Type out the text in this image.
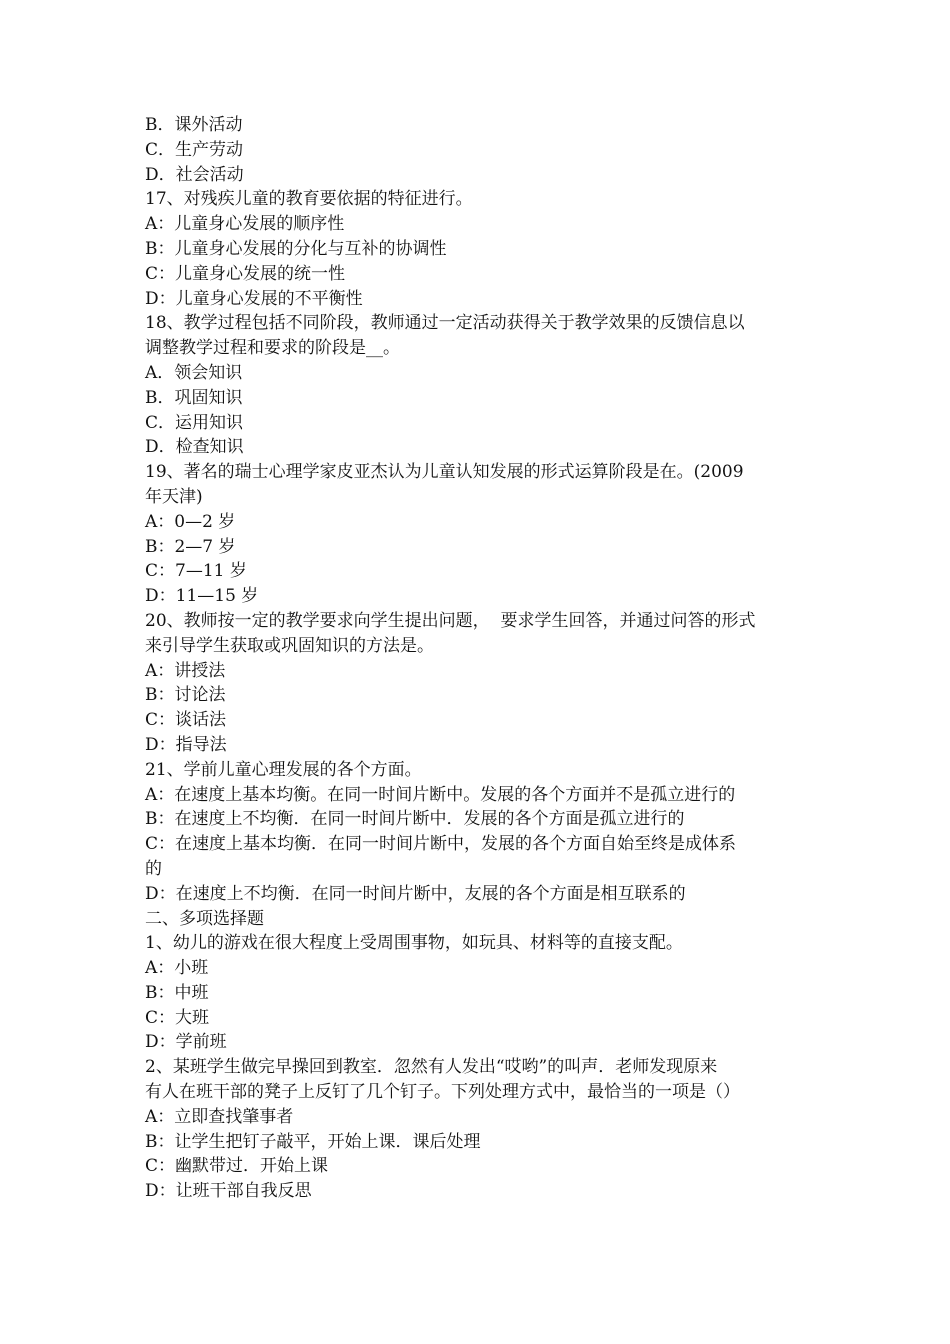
B．课外活动
C．生产劳动
D．社会活动
17、对残疾儿童的教育要依据的特征进行。
A：儿童身心发展的顺序性
B：儿童身心发展的分化与互补的协调性
C：儿童身心发展的统一性
D：儿童身心发展的不平衡性
18、教学过程包括不同阶段，教师通过一定活动获得关于教学效果的反馈信息以
调整教学过程和要求的阶段是__。
A．领会知识
B．巩固知识
C．运用知识
D．检查知识
19、著名的瑞士心理学家皮亚杰认为儿童认知发展的形式运算阶段是在。(2009
年天津)
A：0—2 岁
B：2—7 岁
C：7—11 岁
D：11—15 岁
20、教师按一定的教学要求向学生提出问题，  要求学生回答，并通过问答的形式
来引导学生获取或巩固知识的方法是。
A：讲授法
B：讨论法
C：谈话法
D：指导法
21、学前儿童心理发展的各个方面。
A：在速度上基本均衡。在同一时间片断中。发展的各个方面并不是孤立进行的
B：在速度上不均衡．在同一时间片断中．发展的各个方面是孤立进行的
C：在速度上基本均衡．在同一时间片断中，发展的各个方面自始至终是成体系
的
D：在速度上不均衡．在同一时间片断中，友展的各个方面是相互联系的
二、多项选择题
1、幼儿的游戏在很大程度上受周围事物，如玩具、材料等的直接支配。
A：小班
B：中班
C：大班
D：学前班
2、某班学生做完早操回到教室．忽然有人发出“哎哟”的叫声．老师发现原来
有人在班干部的凳子上反钉了几个钉子。下列处理方式中，最恰当的一项是（）
A：立即查找肇事者
B：让学生把钉子敲平，开始上课．课后处理
C：幽默带过．开始上课
D：让班干部自我反思
